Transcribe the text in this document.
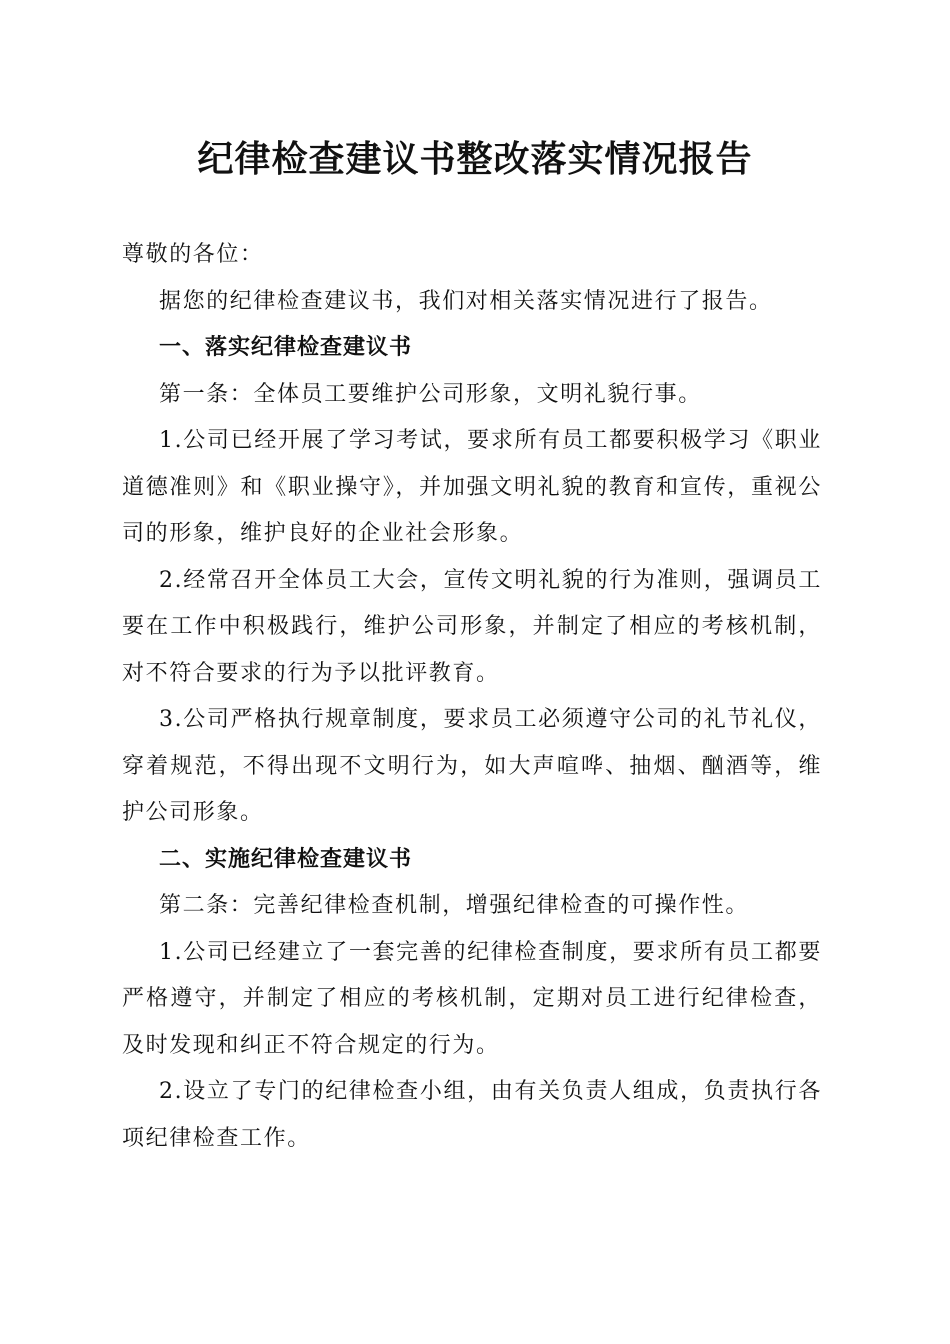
纪律检查建议书整改落实情况报告

尊敬的各位：

据您的纪律检查建议书，我们对相关落实情况进行了报告。

一、落实纪律检查建议书

第一条：全体员工要维护公司形象，文明礼貌行事。

1.公司已经开展了学习考试，要求所有员工都要积极学习《职业道德准则》和《职业操守》，并加强文明礼貌的教育和宣传，重视公司的形象，维护良好的企业社会形象。

2.经常召开全体员工大会，宣传文明礼貌的行为准则，强调员工要在工作中积极践行，维护公司形象，并制定了相应的考核机制，对不符合要求的行为予以批评教育。

3.公司严格执行规章制度，要求员工必须遵守公司的礼节礼仪，穿着规范，不得出现不文明行为，如大声喧哗、抽烟、酗酒等，维护公司形象。

二、实施纪律检查建议书

第二条：完善纪律检查机制，增强纪律检查的可操作性。

1.公司已经建立了一套完善的纪律检查制度，要求所有员工都要严格遵守，并制定了相应的考核机制，定期对员工进行纪律检查，及时发现和纠正不符合规定的行为。

2.设立了专门的纪律检查小组，由有关负责人组成，负责执行各项纪律检查工作。
